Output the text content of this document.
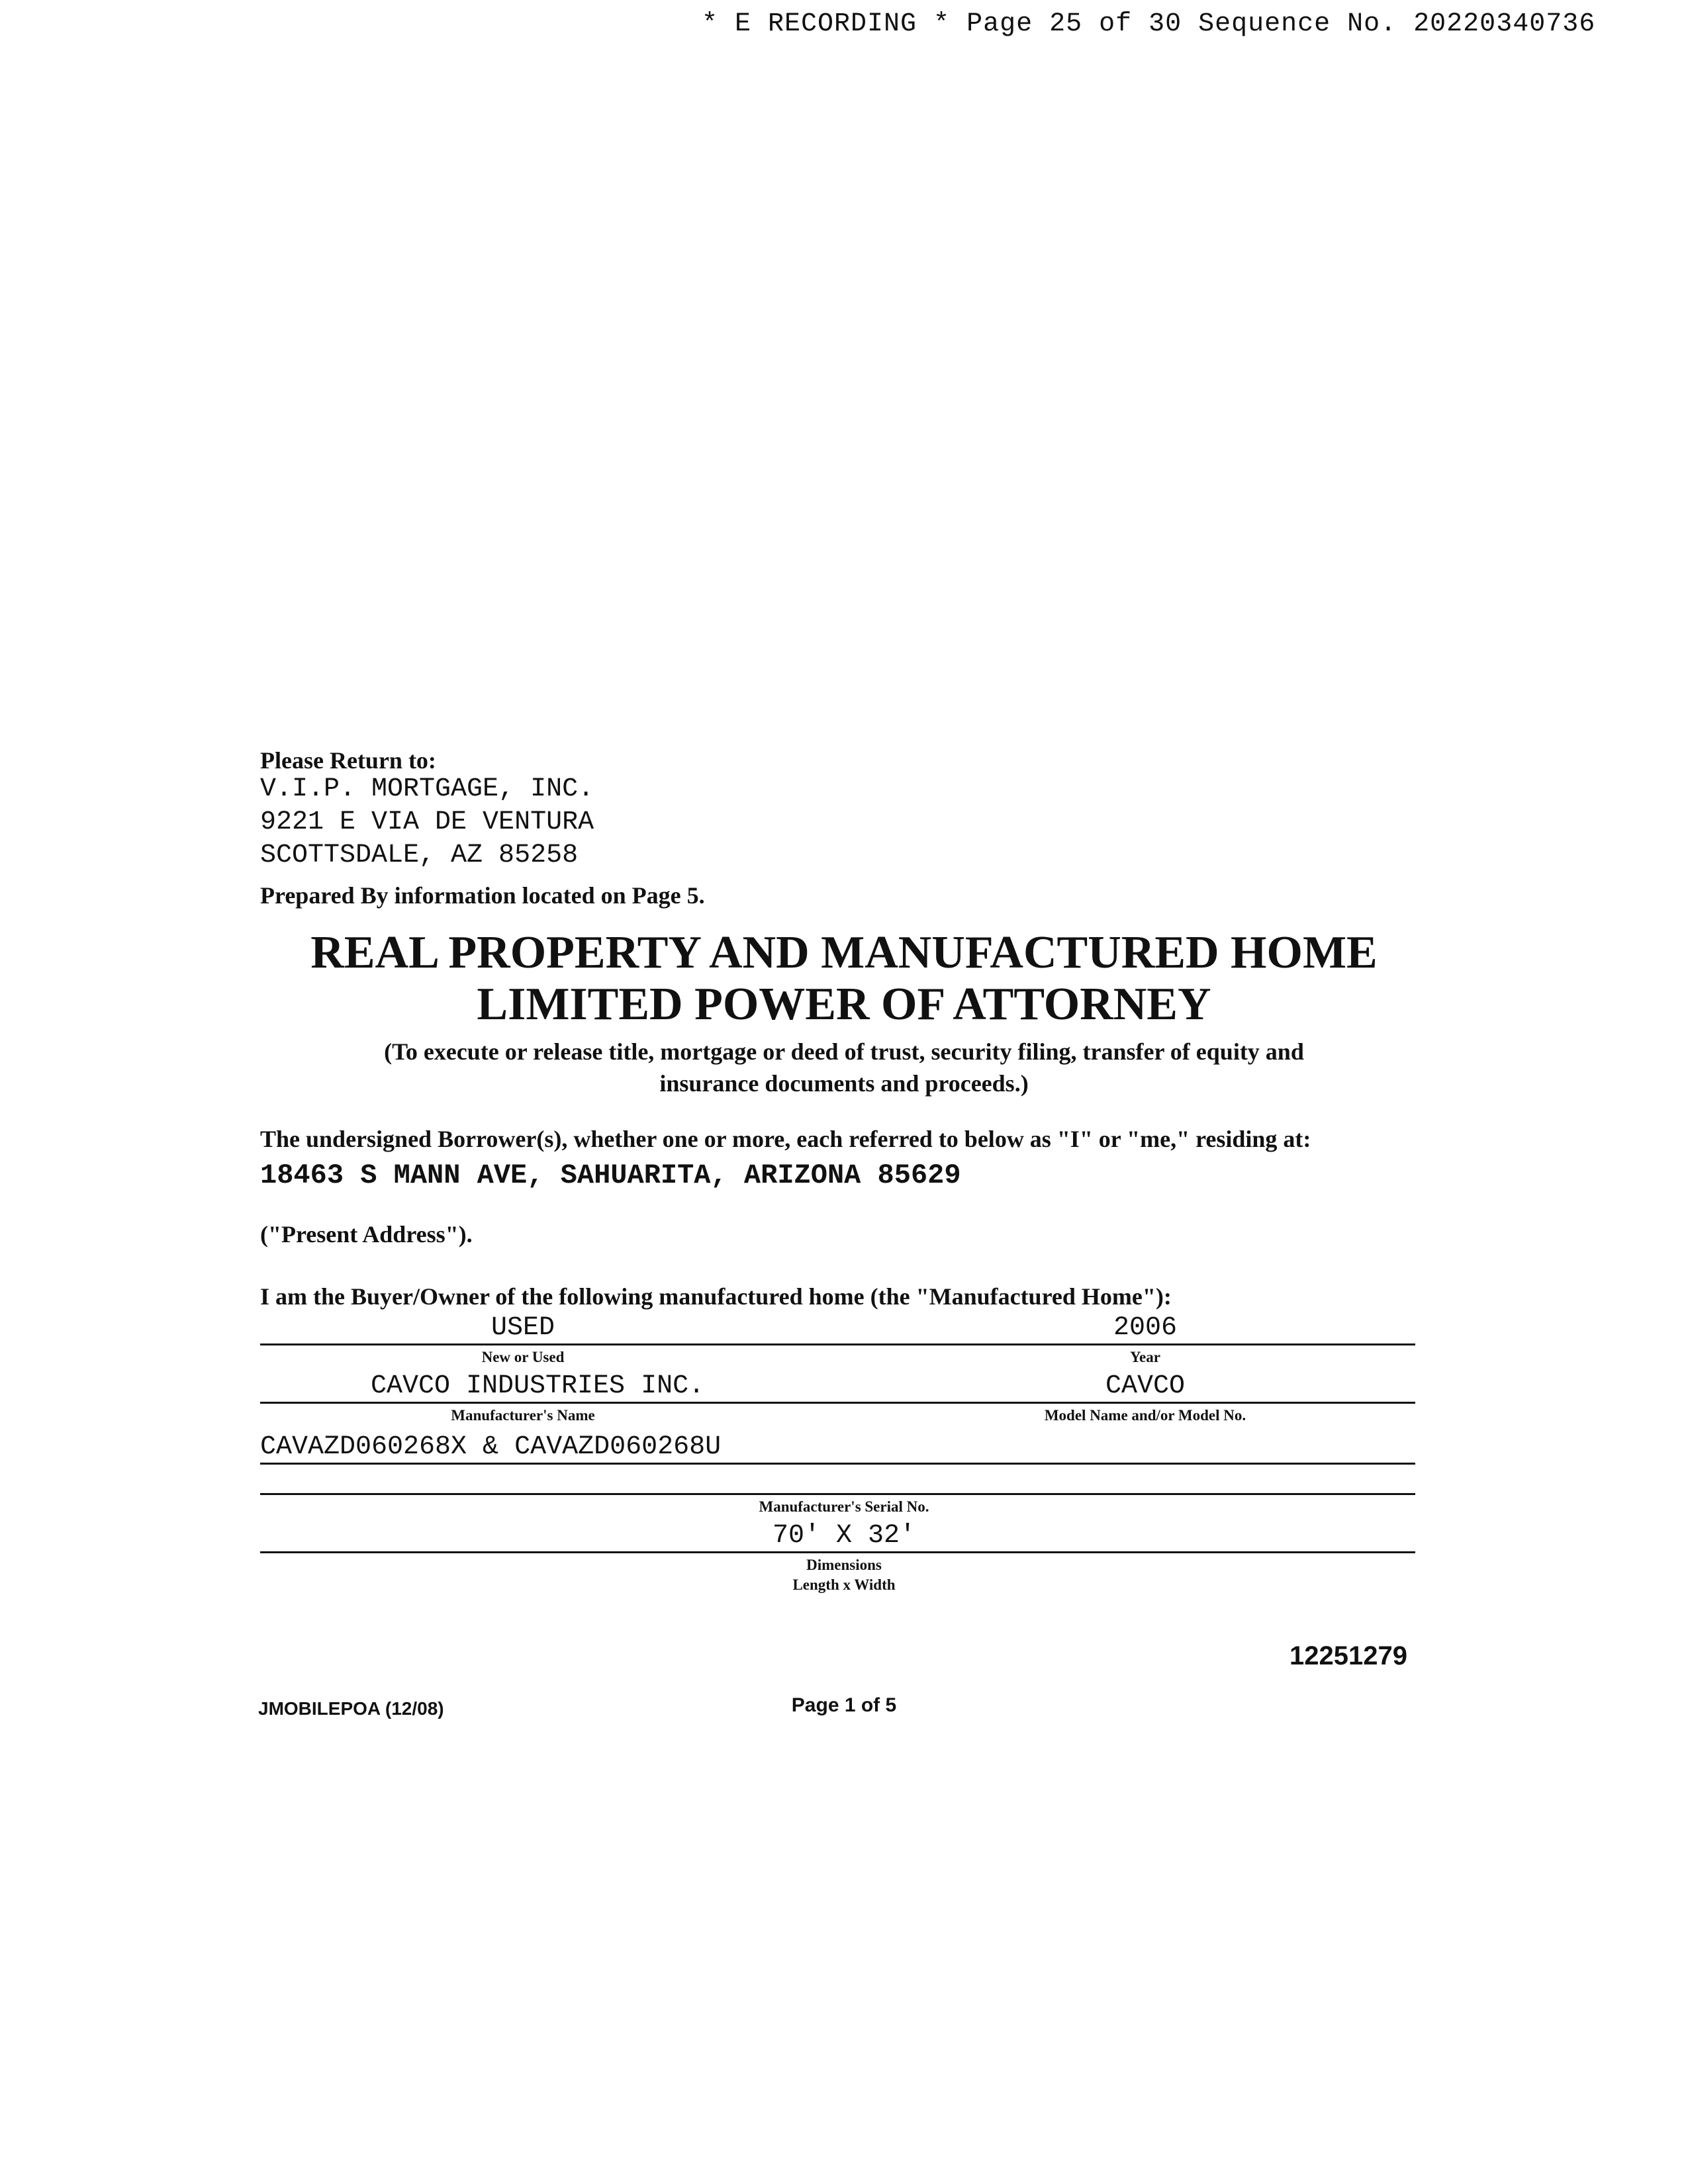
* E RECORDING * Page 25 of 30 Sequence No. 20220340736
Please Return to:
V.I.P. MORTGAGE, INC.
9221 E VIA DE VENTURA
SCOTTSDALE, AZ 85258
Prepared By information located on Page 5.
REAL PROPERTY AND MANUFACTURED HOME
LIMITED POWER OF ATTORNEY
(To execute or release title, mortgage or deed of trust, security filing, transfer of equity and
insurance documents and proceeds.)
The undersigned Borrower(s), whether one or more, each referred to below as "I" or "me," residing at:
18463 S MANN AVE, SAHUARITA, ARIZONA 85629
("Present Address").
I am the Buyer/Owner of the following manufactured home (the "Manufactured Home"):
USED	2006
New or Used	Year
CAVCO INDUSTRIES INC.	CAVCO
Manufacturer's Name	Model Name and/or Model No.
CAVAZD060268X & CAVAZD060268U
Manufacturer's Serial No.
70' X 32'
Dimensions
Length x Width
12251279
JMOBILEPOA (12/08)	Page 1 of 5
